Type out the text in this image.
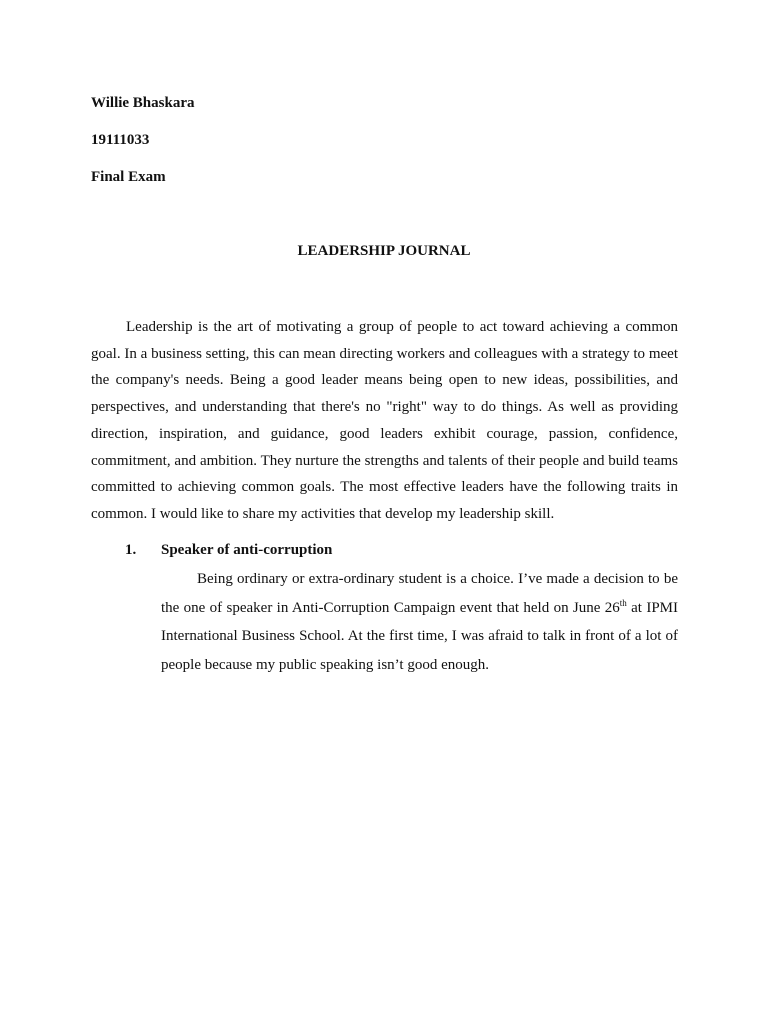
Willie Bhaskara
19111033
Final Exam
LEADERSHIP JOURNAL

Leadership is the art of motivating a group of people to act toward achieving a common goal. In a business setting, this can mean directing workers and colleagues with a strategy to meet the company's needs. Being a good leader means being open to new ideas, possibilities, and perspectives, and understanding that there's no "right" way to do things. As well as providing direction, inspiration, and guidance, good leaders exhibit courage, passion, confidence, commitment, and ambition. They nurture the strengths and talents of their people and build teams committed to achieving common goals. The most effective leaders have the following traits in common. I would like to share my activities that develop my leadership skill.

1. Speaker of anti-corruption

Being ordinary or extra-ordinary student is a choice. I’ve made a decision to be the one of speaker in Anti-Corruption Campaign event that held on June 26th at IPMI International Business School. At the first time, I was afraid to talk in front of a lot of people because my public speaking isn’t good enough.
